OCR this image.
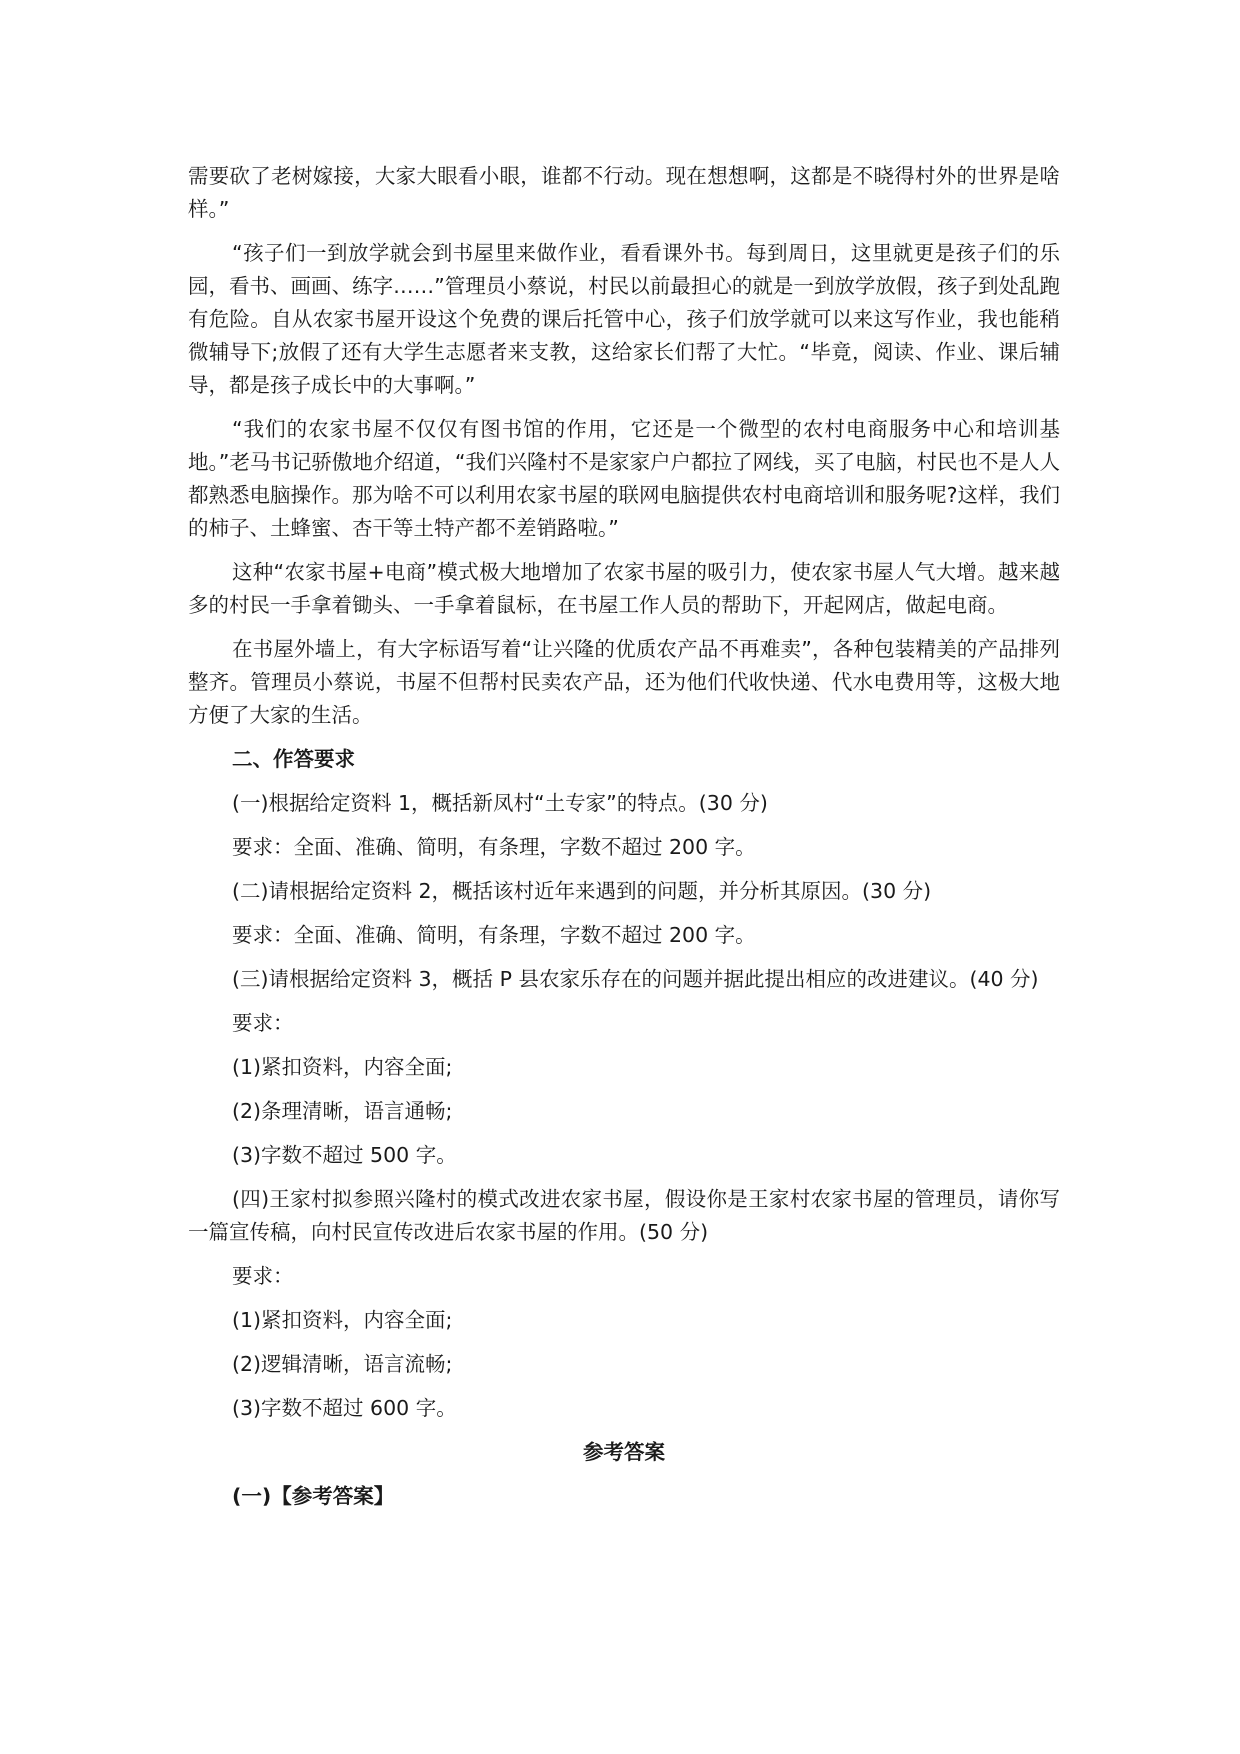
需要砍了老树嫁接，大家大眼看小眼，谁都不行动。现在想想啊，这都是不晓得村外的世界是啥样。”

“孩子们一到放学就会到书屋里来做作业，看看课外书。每到周日，这里就更是孩子们的乐园，看书、画画、练字……”管理员小蔡说，村民以前最担心的就是一到放学放假，孩子到处乱跑有危险。自从农家书屋开设这个免费的课后托管中心，孩子们放学就可以来这写作业，我也能稍微辅导下;放假了还有大学生志愿者来支教，这给家长们帮了大忙。“毕竟，阅读、作业、课后辅导，都是孩子成长中的大事啊。”

“我们的农家书屋不仅仅有图书馆的作用，它还是一个微型的农村电商服务中心和培训基地。”老马书记骄傲地介绍道，“我们兴隆村不是家家户户都拉了网线，买了电脑，村民也不是人人都熟悉电脑操作。那为啥不可以利用农家书屋的联网电脑提供农村电商培训和服务呢?这样，我们的柿子、土蜂蜜、杏干等土特产都不差销路啦。”

这种“农家书屋+电商”模式极大地增加了农家书屋的吸引力，使农家书屋人气大增。越来越多的村民一手拿着锄头、一手拿着鼠标，在书屋工作人员的帮助下，开起网店，做起电商。

在书屋外墙上，有大字标语写着“让兴隆的优质农产品不再难卖”，各种包装精美的产品排列整齐。管理员小蔡说，书屋不但帮村民卖农产品，还为他们代收快递、代水电费用等，这极大地方便了大家的生活。

二、作答要求

(一)根据给定资料 1，概括新凤村“土专家”的特点。(30 分)

要求：全面、准确、简明，有条理，字数不超过 200 字。

(二)请根据给定资料 2，概括该村近年来遇到的问题，并分析其原因。(30 分)

要求：全面、准确、简明，有条理，字数不超过 200 字。

(三)请根据给定资料 3，概括 P 县农家乐存在的问题并据此提出相应的改进建议。(40 分)

要求：

(1)紧扣资料，内容全面;

(2)条理清晰，语言通畅;

(3)字数不超过 500 字。

(四)王家村拟参照兴隆村的模式改进农家书屋，假设你是王家村农家书屋的管理员，请你写一篇宣传稿，向村民宣传改进后农家书屋的作用。(50 分)

要求：

(1)紧扣资料，内容全面;

(2)逻辑清晰，语言流畅;

(3)字数不超过 600 字。

参考答案

(一)【参考答案】
